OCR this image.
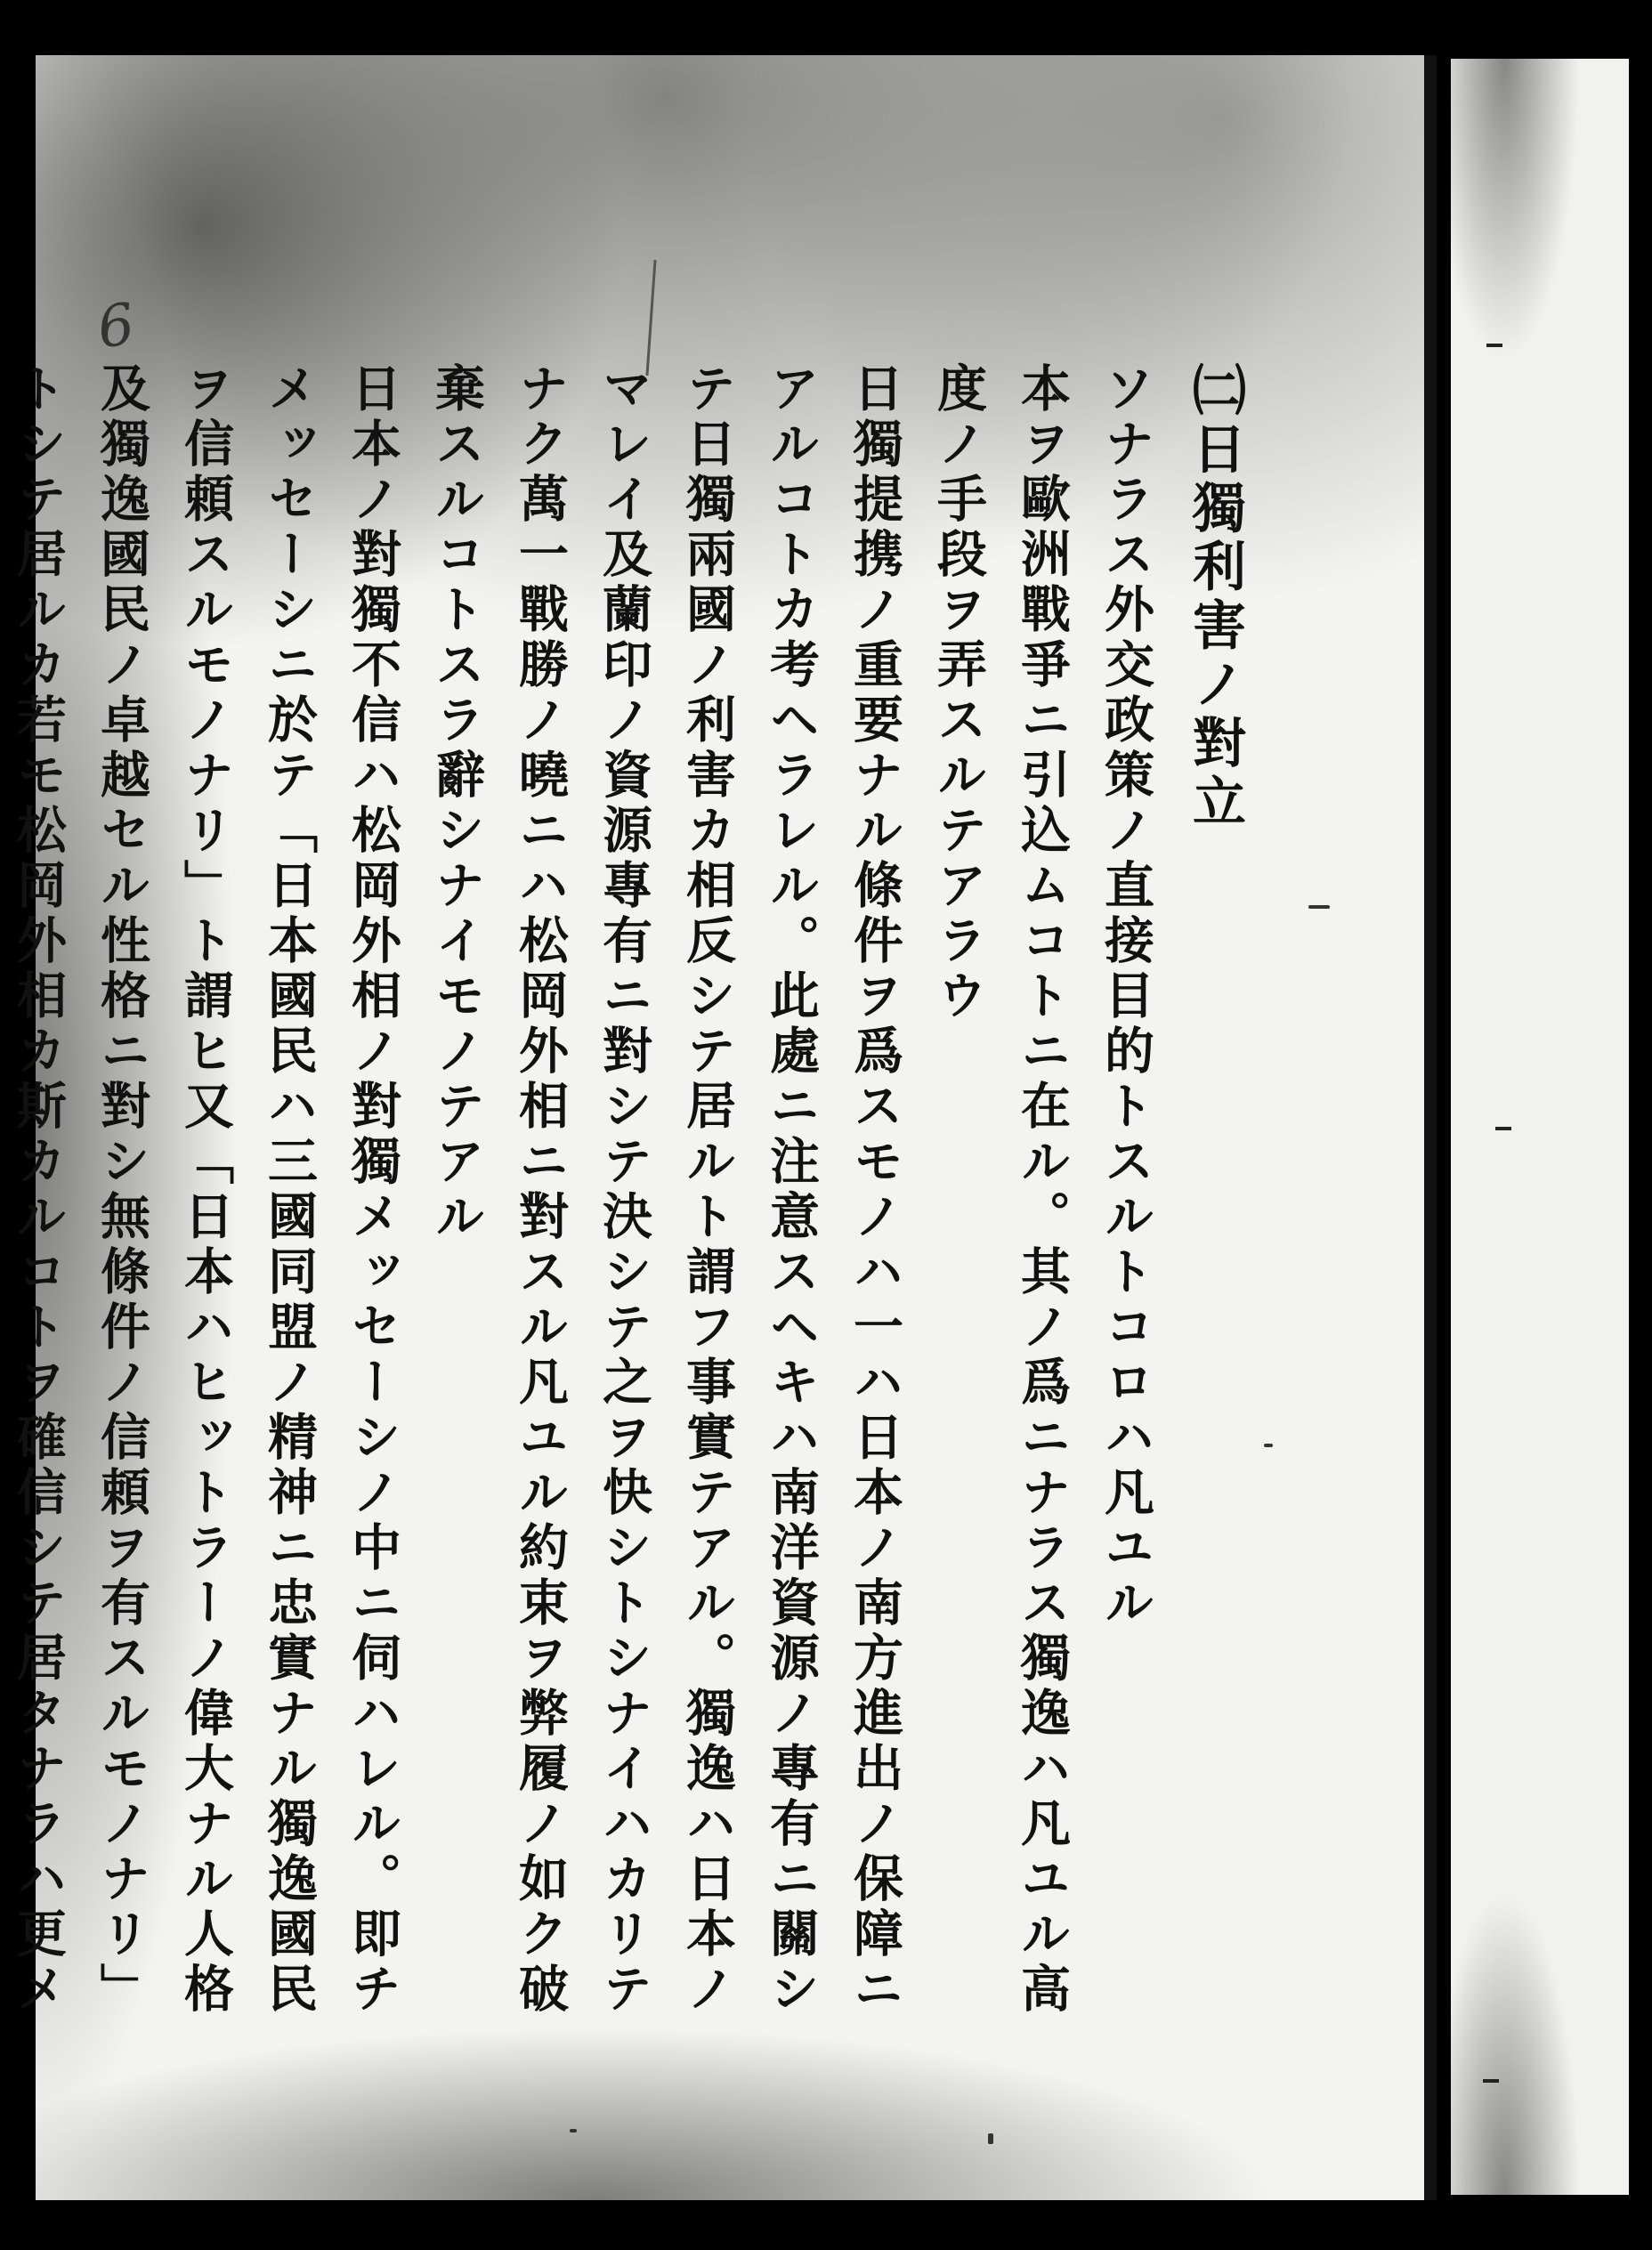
6
㈡日獨利害ノ對立
ソナラス外交政策ノ直接目的トスルトコロハ凡ユル
本ヲ歐洲戰爭ニ引込ムコトニ在ル。其ノ爲ニナラス獨逸ハ凡ユル高
度ノ手段ヲ弄スルテアラウ
日獨提携ノ重要ナル條件ヲ爲スモノハ一ハ日本ノ南方進出ノ保障ニ
アルコトカ考ヘラレル。此處ニ注意スヘキハ南洋資源ノ專有ニ關シ
テ日獨兩國ノ利害カ相反シテ居ルト謂フ事實テアル。獨逸ハ日本ノ
マレイ及蘭印ノ資源專有ニ對シテ決シテ之ヲ快シトシナイハカリテ
ナク萬一戰勝ノ曉ニハ松岡外相ニ對スル凡ユル約束ヲ弊履ノ如ク破
棄スルコトスラ辭シナイモノテアル
日本ノ對獨不信ハ松岡外相ノ對獨メッセーシノ中ニ伺ハレル。即チ
メッセーシニ於テ「日本國民ハ三國同盟ノ精神ニ忠實ナル獨逸國民
ヲ信頼スルモノナリ」ト謂ヒ又「日本ハヒットラーノ偉大ナル人格
及獨逸國民ノ卓越セル性格ニ對シ無條件ノ信頼ヲ有スルモノナリ」
トシテ居ルカ若モ松岡外相カ斯カルコトヲ確信シテ居タナラハ更メ
